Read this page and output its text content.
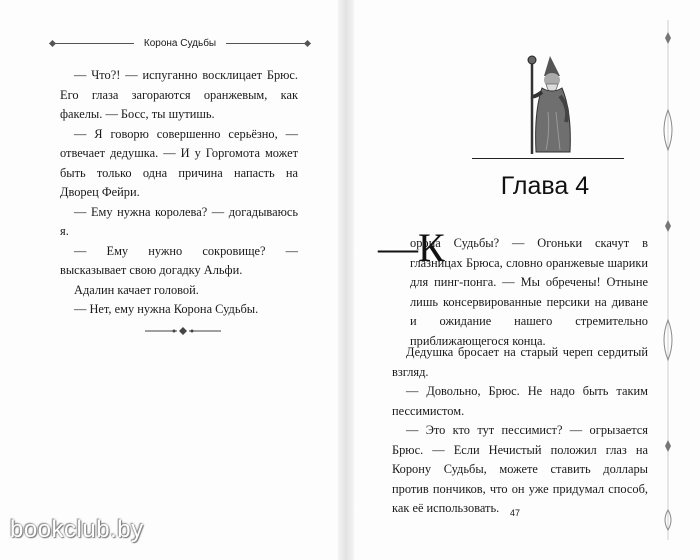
Корона Судьбы

— Что?! — испуганно восклицает Брюс. Его глаза загораются оранжевым, как факелы. — Босс, ты шутишь.

— Я говорю совершенно серьёзно, — отвечает дедушка. — И у Горгомота может быть только одна причина напасть на Дворец Фейри.

— Ему нужна королева? — догадываюсь я.

— Ему нужно сокровище? — высказывает свою догадку Альфи.

Адалин качает головой.

— Нет, ему нужна Корона Судьбы.

Глава 4
—К

орона Судьбы? — Огоньки скачут в глазницах Брюса, словно оранжевые шарики для пинг-понга. — Мы обречены! Отныне лишь консервированные персики на диване и ожидание нашего стремительно приближающегося конца.

Дедушка бросает на старый череп сердитый взгляд.

— Довольно, Брюс. Не надо быть таким пессимистом.

— Это кто тут пессимист? — огрызается Брюс. — Если Нечистый положил глаз на Корону Судьбы, можете ставить доллары против пончиков, что он уже придумал способ, как её использовать.	47
bookclub.by
